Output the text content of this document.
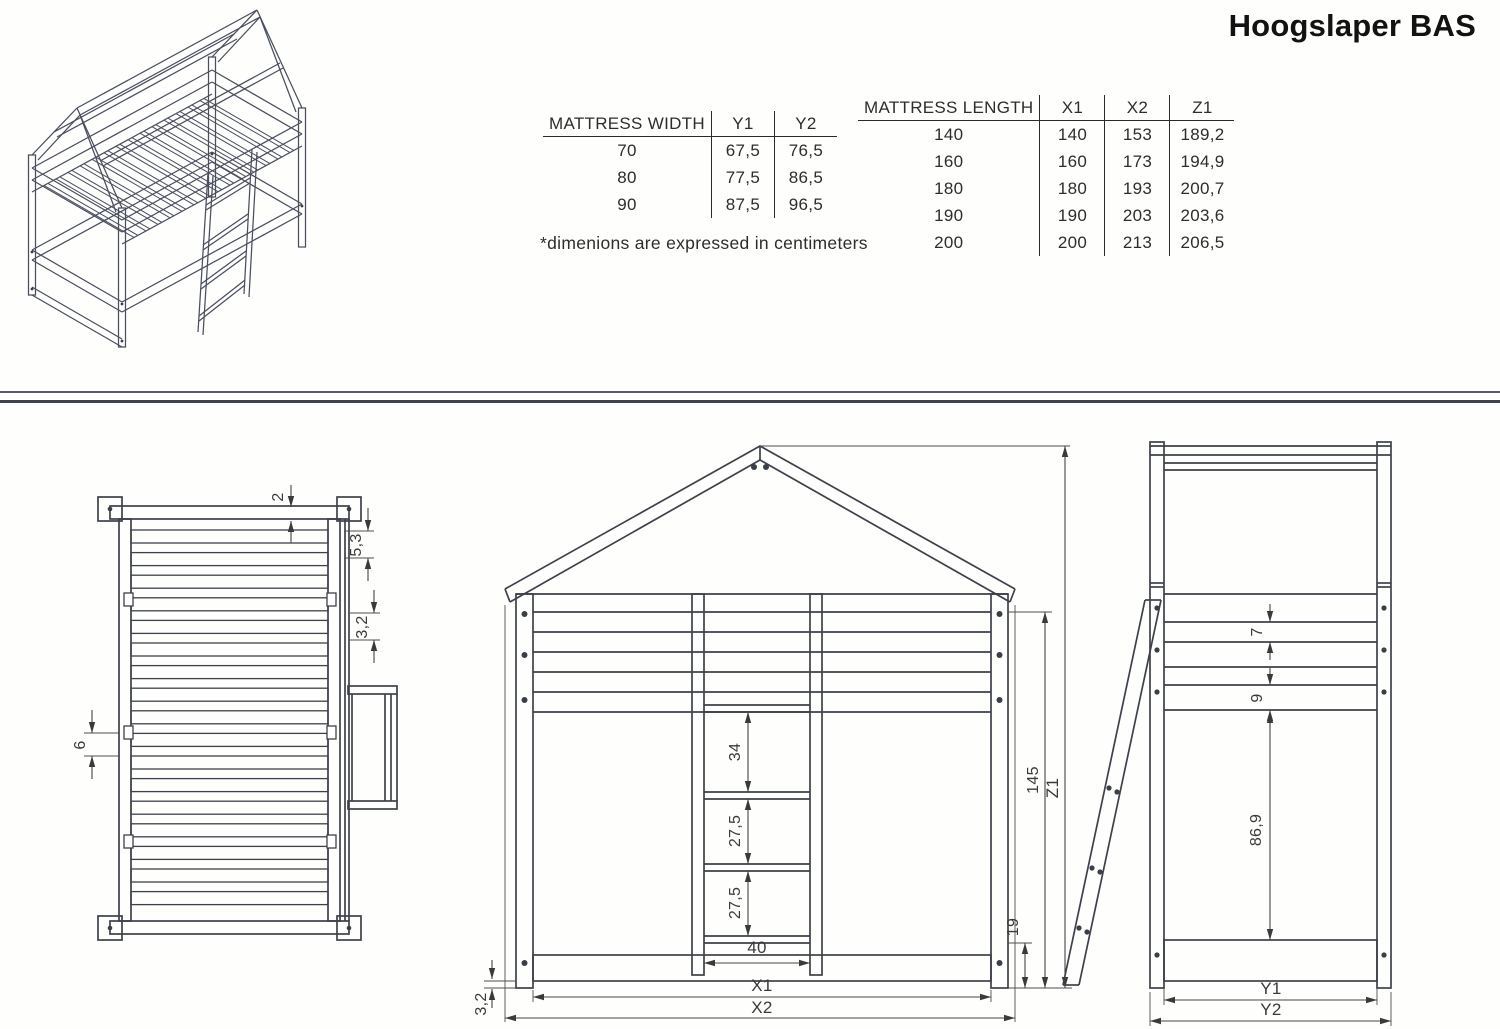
Hoogslaper BAS
MATTRESS WIDTH	Y1	Y2
70	67,5	76,5
80	77,5	86,5
90	87,5	96,5
MATTRESS LENGTH	X1	X2	Z1
140	140	153	189,2
160	160	173	194,9
180	180	193	200,7
190	190	203	203,6
200	200	213	206,5
*dimenions are expressed in centimeters
2
5,3
3,2
6	34
27,5
27,5
40
X1
X2
3,2
19
145 Z1
7
9
86,9
Y1
Y2
